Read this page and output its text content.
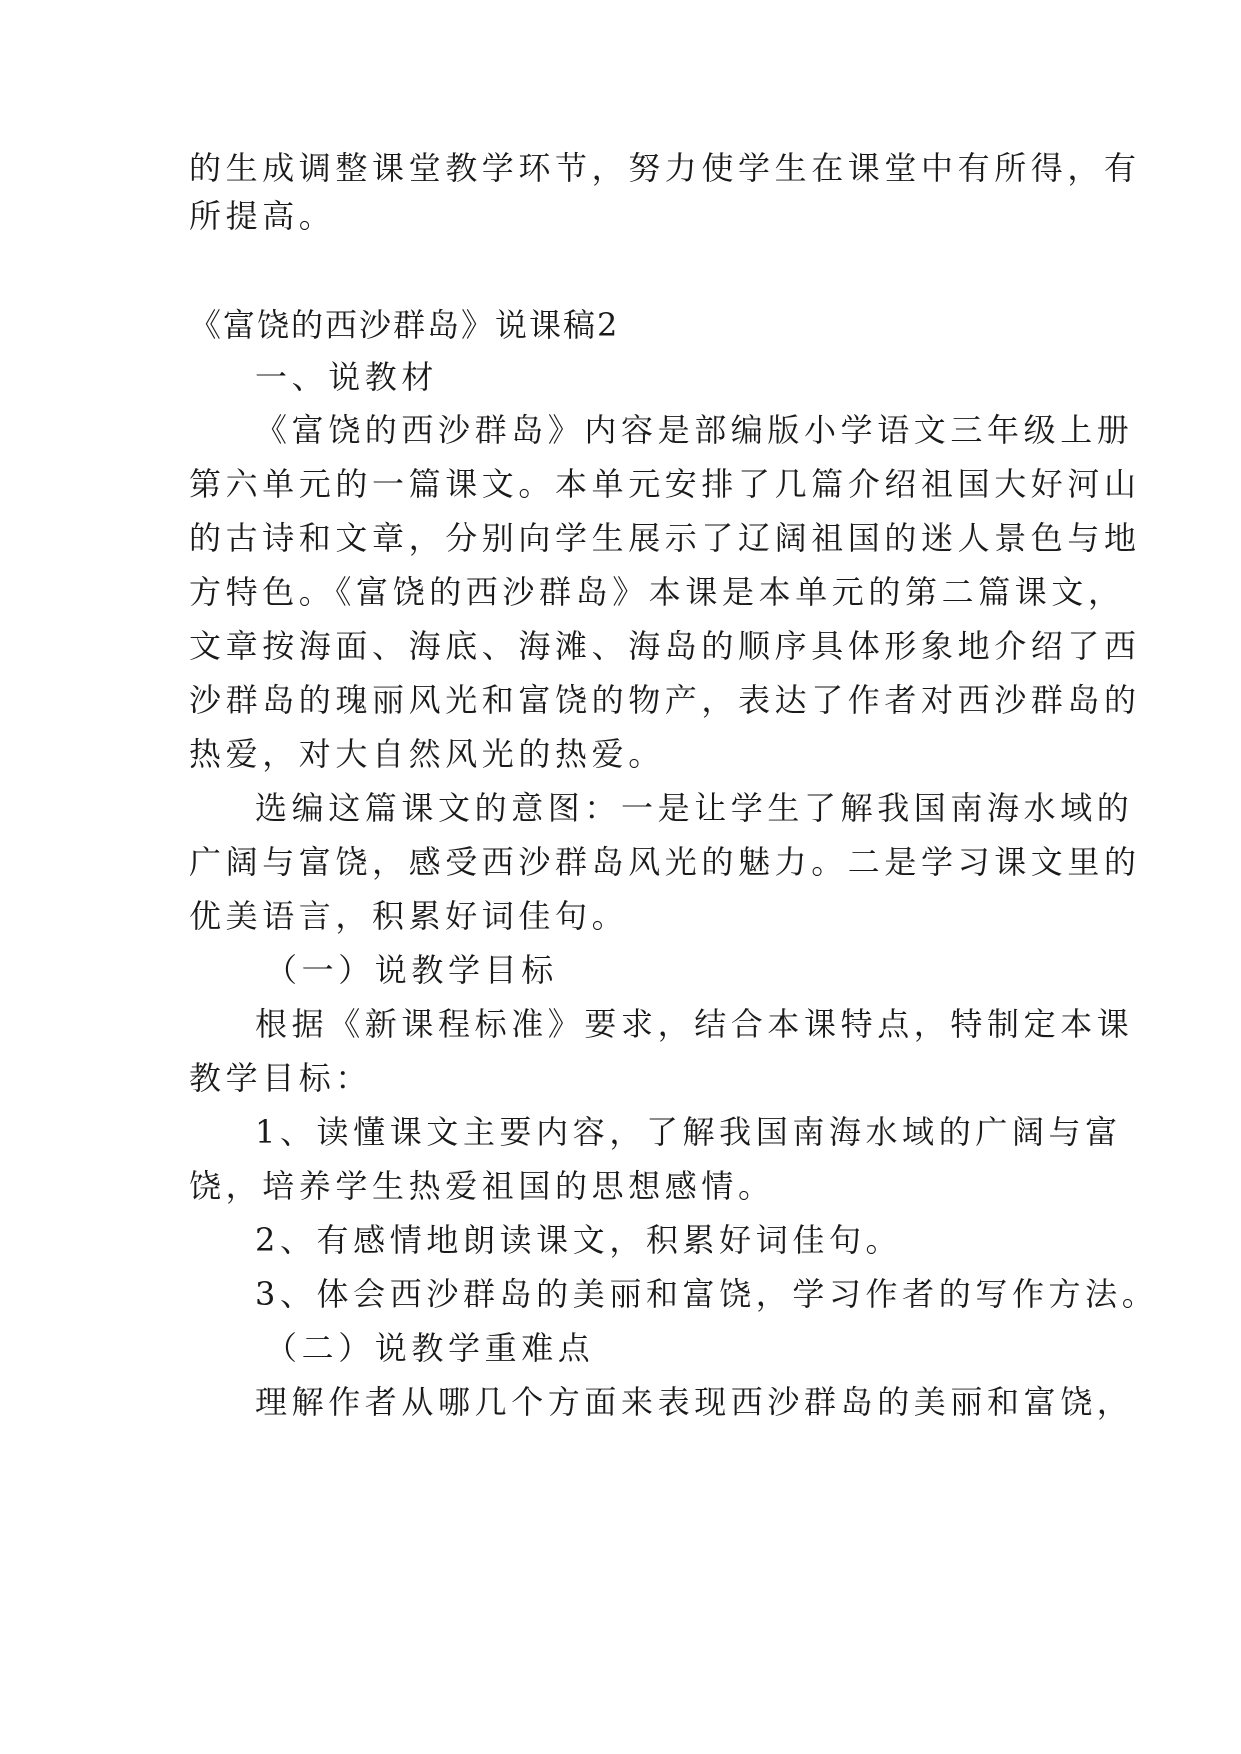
的生成调整课堂教学环节，努力使学生在课堂中有所得，有
所提高。
《富饶的西沙群岛》说课稿2
一、说教材
《富饶的西沙群岛》内容是部编版小学语文三年级上册
第六单元的一篇课文。本单元安排了几篇介绍祖国大好河山
的古诗和文章，分别向学生展示了辽阔祖国的迷人景色与地
方特色。《富饶的西沙群岛》本课是本单元的第二篇课文，
文章按海面、海底、海滩、海岛的顺序具体形象地介绍了西
沙群岛的瑰丽风光和富饶的物产，表达了作者对西沙群岛的
热爱，对大自然风光的热爱。
选编这篇课文的意图：一是让学生了解我国南海水域的
广阔与富饶，感受西沙群岛风光的魅力。二是学习课文里的
优美语言，积累好词佳句。
（一）说教学目标
根据《新课程标准》要求，结合本课特点，特制定本课
教学目标：
1、读懂课文主要内容，了解我国南海水域的广阔与富
饶，培养学生热爱祖国的思想感情。
2、有感情地朗读课文，积累好词佳句。
3、体会西沙群岛的美丽和富饶，学习作者的写作方法。
（二）说教学重难点
理解作者从哪几个方面来表现西沙群岛的美丽和富饶，
